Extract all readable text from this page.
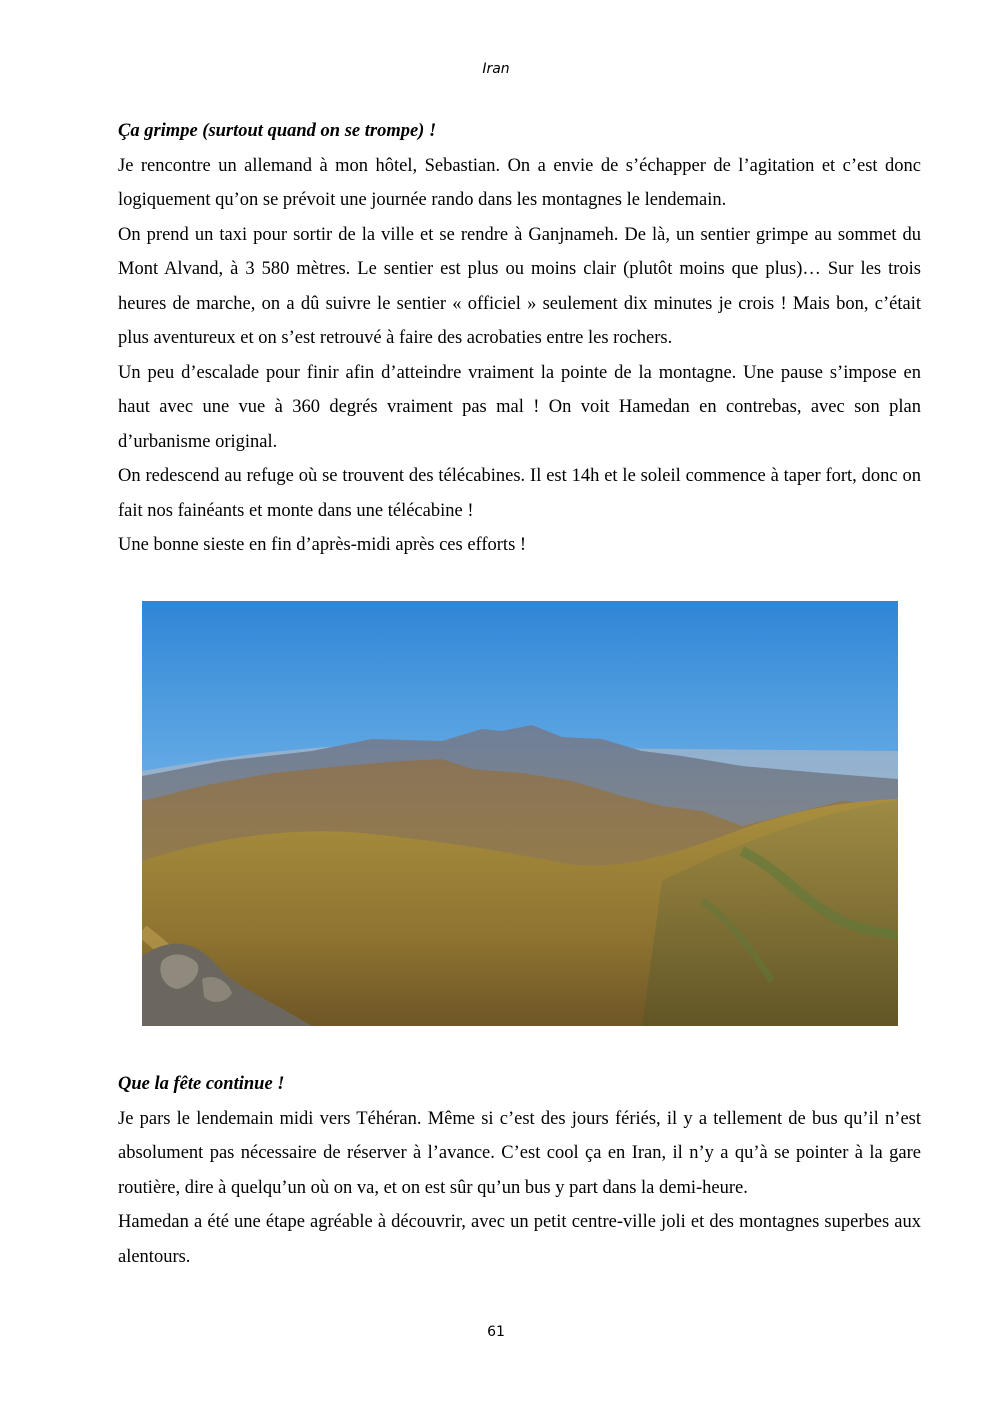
Iran
Ça grimpe (surtout quand on se trompe) !

Je rencontre un allemand à mon hôtel, Sebastian. On a envie de s’échapper de l’agitation et c’est donc logiquement qu’on se prévoit une journée rando dans les montagnes le lendemain.

On prend un taxi pour sortir de la ville et se rendre à Ganjnameh. De là, un sentier grimpe au sommet du Mont Alvand, à 3 580 mètres. Le sentier est plus ou moins clair (plutôt moins que plus)… Sur les trois heures de marche, on a dû suivre le sentier « officiel » seulement dix minutes je crois ! Mais bon, c’était plus aventureux et on s’est retrouvé à faire des acrobaties entre les rochers.

Un peu d’escalade pour finir afin d’atteindre vraiment la pointe de la montagne. Une pause s’impose en haut avec une vue à 360 degrés vraiment pas mal ! On voit Hamedan en contrebas, avec son plan d’urbanisme original.

On redescend au refuge où se trouvent des télécabines. Il est 14h et le soleil commence à taper fort, donc on fait nos fainéants et monte dans une télécabine !

Une bonne sieste en fin d’après-midi après ces efforts !

Que la fête continue !

Je pars le lendemain midi vers Téhéran. Même si c’est des jours fériés, il y a tellement de bus qu’il n’est absolument pas nécessaire de réserver à l’avance. C’est cool ça en Iran, il n’y a qu’à se pointer à la gare routière, dire à quelqu’un où on va, et on est sûr qu’un bus y part dans la demi-heure.

Hamedan a été une étape agréable à découvrir, avec un petit centre-ville joli et des montagnes superbes aux alentours.

61
